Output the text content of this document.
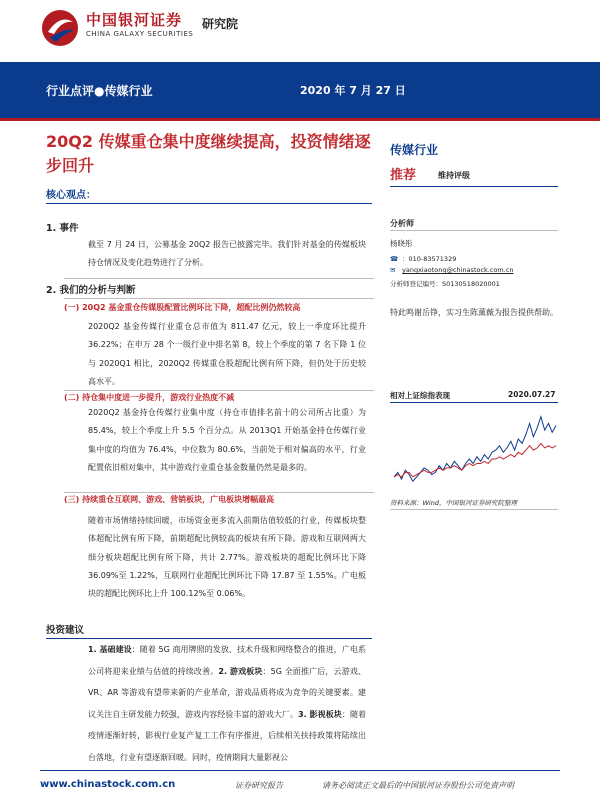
中国银河证券
CHINA GALAXY SECURITIES
研究院
行业点评●传媒行业	2020 年 7 月 27 日
20Q2 传媒重仓集中度继续提高，投资情绪逐步回升
核心观点：
1. 事件

截至 7 月 24 日，公募基金 20Q2 报告已披露完毕。我们针对基金的传媒板块持仓情况及变化趋势进行了分析。

2. 我们的分析与判断
(一) 20Q2 基金重仓传媒股配置比例环比下降，超配比例仍然较高

2020Q2 基金传媒行业重仓总市值为 811.47 亿元，较上一季度环比提升 36.22%；在申万 28 个一级行业中排名第 8，较上个季度的第 7 名下降 1 位与 2020Q1 相比，2020Q2 传媒重仓股超配比例有所下降，但仍处于历史较高水平。

(二) 持仓集中度进一步提升，游戏行业热度不减

2020Q2 基金持仓传媒行业集中度（持仓市值排名前十的公司所占比重）为 85.4%，较上个季度上升 5.5 个百分点。从 2013Q1 开始基金持仓传媒行业集中度的均值为 76.4%，中位数为 80.6%，当前处于相对偏高的水平，行业配置依旧相对集中，其中游戏行业重仓基金数量仍然是最多的。

(三) 持续重仓互联网、游戏、营销板块，广电板块增幅最高

随着市场情绪持续回暖，市场资金更多流入前期估值较低的行业，传媒板块整体超配比例有所下降，前期超配比例较高的板块有所下降。游戏和互联网两大细分板块超配比例有所下降，共计 2.77%。游戏板块的超配比例环比下降 36.09%至 1.22%，互联网行业超配比例环比下降 17.87 至 1.55%。广电板块的超配比例环比上升 100.12%至 0.06%。

投资建议

1. 基础建设：随着 5G 商用牌照的发放、技术升级和网络整合的推进，广电系公司将迎来业绩与估值的持续改善。2. 游戏板块：5G 全面推广后，云游戏、VR、AR 等游戏有望带来新的产业革命，游戏品质将成为竞争的关键要素。建议关注自主研发能力较强，游戏内容经验丰富的游戏大厂。3. 影视板块：随着疫情逐渐好转，影视行业复产复工工作有序推进，后续相关扶持政策将陆续出台落地，行业有望逐渐回暖。同时，疫情期间大量影视公

传媒行业
推荐	维持评级
分析师
杨晓彤
☎ ：010-83571329
✉ yangxiaotong@chinastock.com.cn
分析师登记编号：S0130518020001

特此鸣谢岳铮，实习生陈薰薇为报告提供帮助。

相对上证综指表现	2020.07.27
资料来源：Wind，中国银河证券研究院整理
www.chinastock.com.cn	证券研究报告	请务必阅读正文最后的中国银河证券股份公司免责声明
